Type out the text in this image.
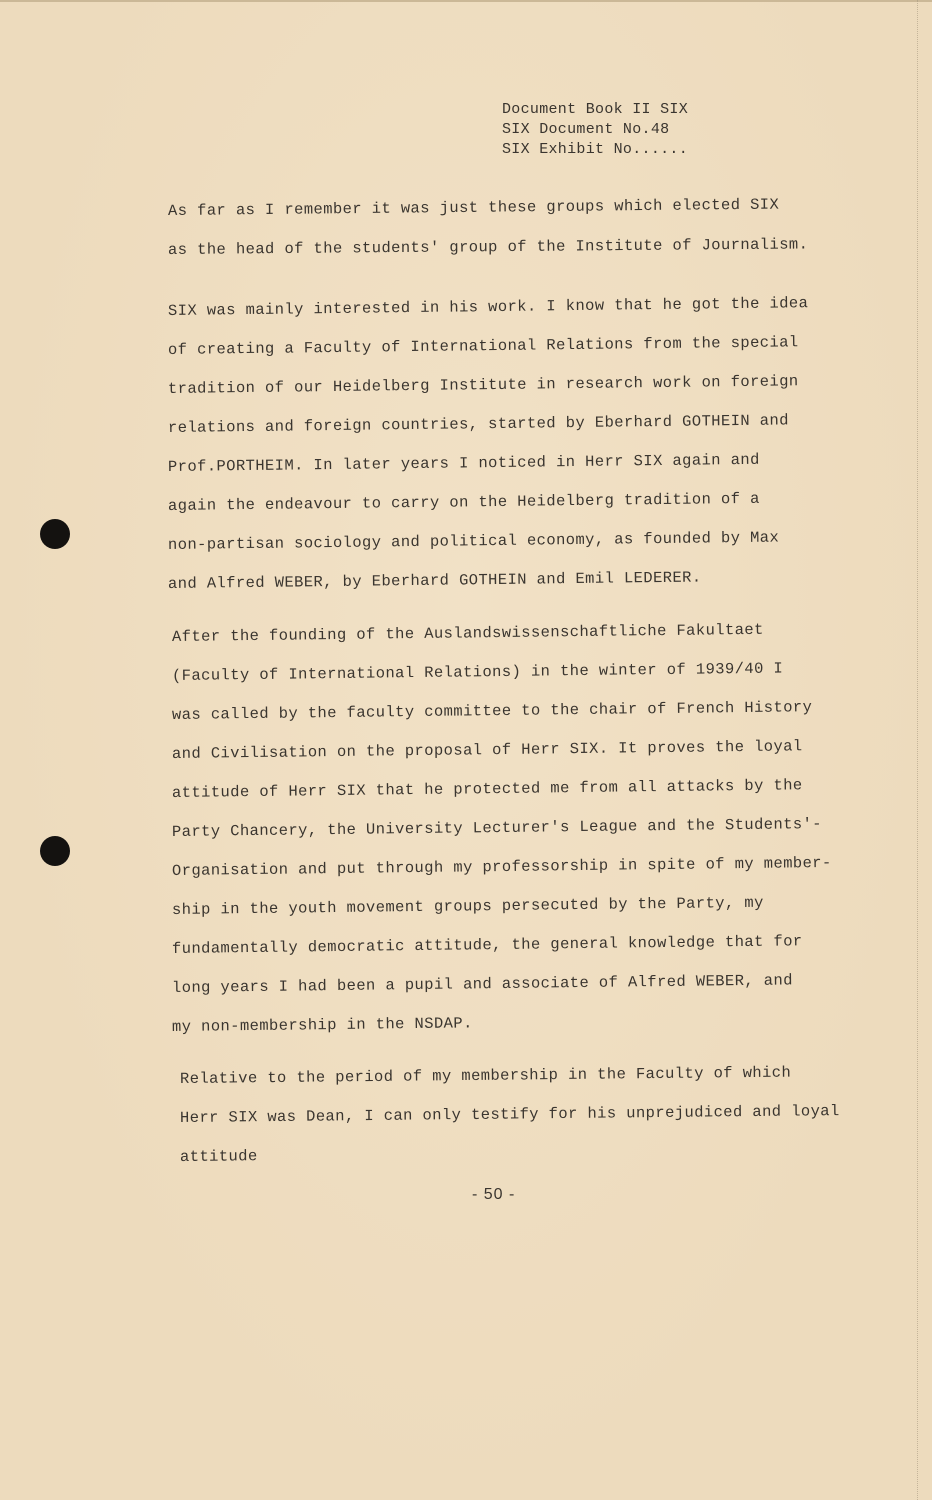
Document Book II SIX
SIX Document No.48
SIX Exhibit No......
As far as I remember it was just these groups which elected SIX
as the head of the students' group of the Institute of Journalism.
SIX was mainly interested in his work. I know that he got the idea
of creating a Faculty of International Relations from the special
tradition of our Heidelberg Institute in research work on foreign
relations and foreign countries, started by Eberhard GOTHEIN and
Prof.PORTHEIM. In later years I noticed in Herr SIX again and
again the endeavour to carry on the Heidelberg tradition of a
non-partisan sociology and political economy, as founded by Max
and Alfred WEBER, by Eberhard GOTHEIN and Emil LEDERER.
After the founding of the Auslandswissenschaftliche Fakultaet
(Faculty of International Relations) in the winter of 1939/40 I
was called by the faculty committee to the chair of French History
and Civilisation on the proposal of Herr SIX. It proves the loyal
attitude of Herr SIX that he protected me from all attacks by the
Party Chancery, the University Lecturer's League and the Students'-
Organisation and put through my professorship in spite of my member-
ship in the youth movement groups persecuted by the Party, my
fundamentally democratic attitude, the general knowledge that for
long years I had been a pupil and associate of Alfred WEBER, and
my non-membership in the NSDAP.
Relative to the period of my membership in the Faculty of which
Herr SIX was Dean, I can only testify for his unprejudiced and loyal
attitude
- 50 -
